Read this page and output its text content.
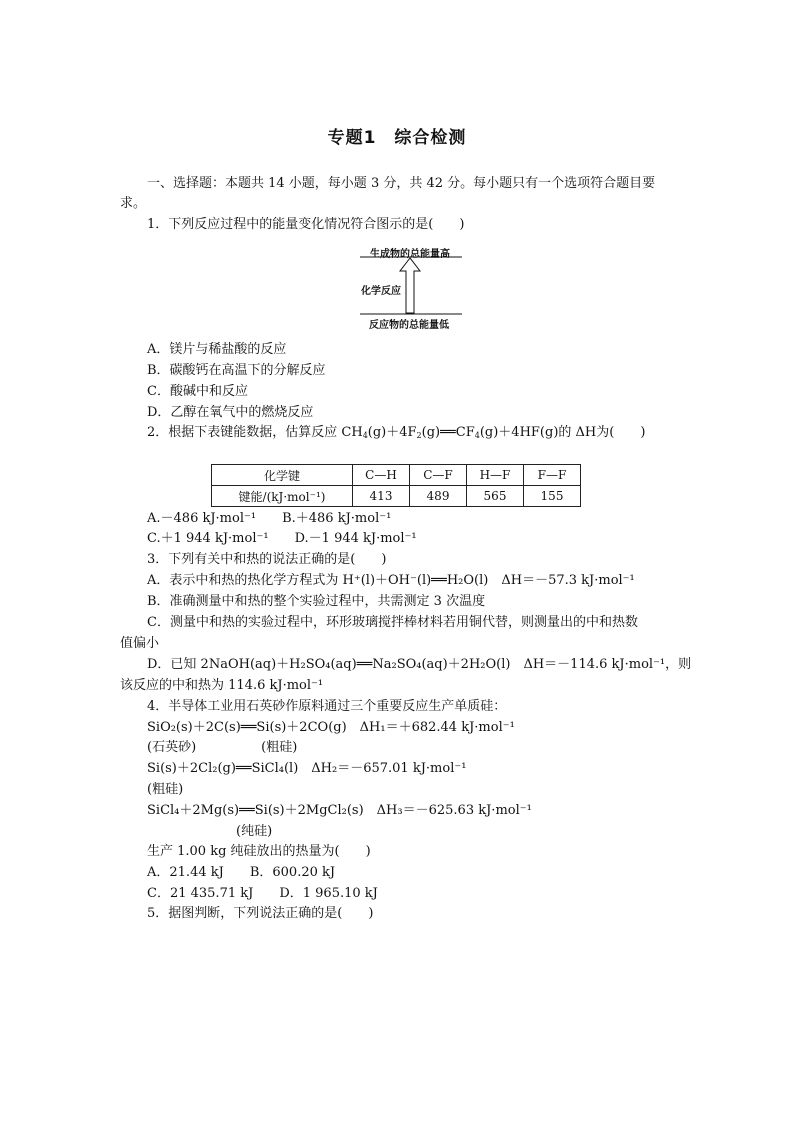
专题1　综合检测
一、选择题：本题共 14 小题，每小题 3 分，共 42 分。每小题只有一个选项符合题目要
求。
1．下列反应过程中的能量变化情况符合图示的是(　　)
生成物的总能量高
化学反应
反应物的总能量低
A．镁片与稀盐酸的反应
B．碳酸钙在高温下的分解反应
C．酸碱中和反应
D．乙醇在氧气中的燃烧反应
2．根据下表键能数据，估算反应 $CH_4(g)+4F_2(g)══CF_4(g)+4HF(g)$的 ΔH为(　　)
化学键	C—H	C—F	H—F	F—F
键能/(kJ·mol⁻¹)	413	489	565	155
A.－486 kJ·mol⁻¹　　B.＋486 kJ·mol⁻¹
C.＋1 944 kJ·mol⁻¹　　D.－1 944 kJ·mol⁻¹
3．下列有关中和热的说法正确的是(　　)
A．表示中和热的热化学方程式为 H⁺(l)＋OH⁻(l)══H₂O(l)　ΔH＝－57.3 kJ·mol⁻¹
B．准确测量中和热的整个实验过程中，共需测定 3 次温度
C．测量中和热的实验过程中，环形玻璃搅拌棒材料若用铜代替，则测量出的中和热数
值偏小
D．已知 2NaOH(aq)＋H₂SO₄(aq)══Na₂SO₄(aq)＋2H₂O(l)　ΔH＝－114.6 kJ·mol⁻¹，则
该反应的中和热为 114.6 kJ·mol⁻¹
4．半导体工业用石英砂作原料通过三个重要反应生产单质硅：
SiO₂(s)＋2C(s)══Si(s)＋2CO(g)　ΔH₁＝＋682.44 kJ·mol⁻¹
(石英砂)　　　　　(粗硅)
Si(s)＋2Cl₂(g)══SiCl₄(l)　ΔH₂＝－657.01 kJ·mol⁻¹
(粗硅)
SiCl₄＋2Mg(s)══Si(s)＋2MgCl₂(s)　ΔH₃＝－625.63 kJ·mol⁻¹
(纯硅)
生产 1.00 kg 纯硅放出的热量为(　　)
A．21.44 kJ　　B．600.20 kJ
C．21 435.71 kJ　　D．1 965.10 kJ
5．据图判断，下列说法正确的是(　　)
